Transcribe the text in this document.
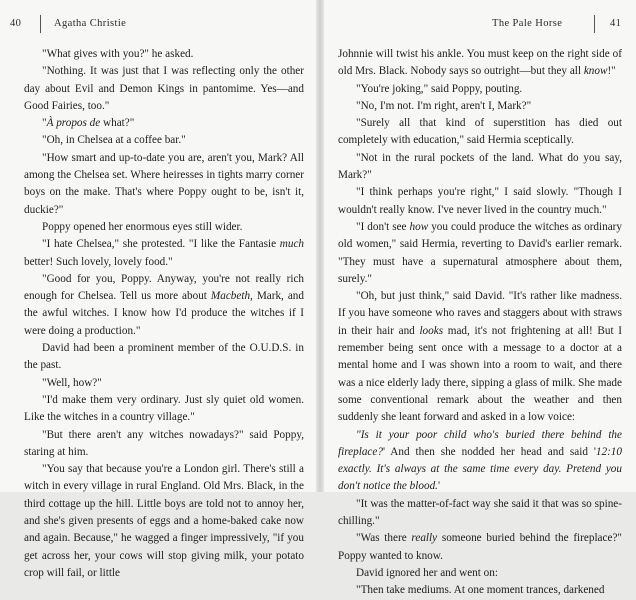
40	Agatha Christie

"What gives with you?" he asked.

"Nothing. It was just that I was reflecting only the other day about Evil and Demon Kings in pantomime. Yes—and Good Fairies, too."

"À propos de what?"

"Oh, in Chelsea at a coffee bar."

"How smart and up-to-date you are, aren't you, Mark? All among the Chelsea set. Where heiresses in tights marry corner boys on the make. That's where Poppy ought to be, isn't it, duckie?"

Poppy opened her enormous eyes still wider.

"I hate Chelsea," she protested. "I like the Fantasie much better! Such lovely, lovely food."

"Good for you, Poppy. Anyway, you're not really rich enough for Chelsea. Tell us more about Macbeth, Mark, and the awful witches. I know how I'd produce the witches if I were doing a production."

David had been a prominent member of the O.U.D.S. in the past.

"Well, how?"

"I'd make them very ordinary. Just sly quiet old women. Like the witches in a country village."

"But there aren't any witches nowadays?" said Poppy, staring at him.

"You say that because you're a London girl. There's still a witch in every village in rural England. Old Mrs. Black, in the third cottage up the hill. Little boys are told not to annoy her, and she's given presents of eggs and a home-baked cake now and again. Because," he wagged a finger impressively, "if you get across her, your cows will stop giving milk, your potato crop will fail, or little

The Pale Horse	41

Johnnie will twist his ankle. You must keep on the right side of old Mrs. Black. Nobody says so outright—but they all know!"

"You're joking," said Poppy, pouting.

"No, I'm not. I'm right, aren't I, Mark?"

"Surely all that kind of superstition has died out completely with education," said Hermia sceptically.

"Not in the rural pockets of the land. What do you say, Mark?"

"I think perhaps you're right," I said slowly. "Though I wouldn't really know. I've never lived in the country much."

"I don't see how you could produce the witches as ordinary old women," said Hermia, reverting to David's earlier remark. "They must have a supernatural atmosphere about them, surely."

"Oh, but just think," said David. "It's rather like madness. If you have someone who raves and staggers about with straws in their hair and looks mad, it's not frightening at all! But I remember being sent once with a message to a doctor at a mental home and I was shown into a room to wait, and there was a nice elderly lady there, sipping a glass of milk. She made some conventional remark about the weather and then suddenly she leant forward and asked in a low voice:

"Is it your poor child who's buried there behind the fireplace?' And then she nodded her head and said '12:10 exactly. It's always at the same time every day. Pretend you don't notice the blood.'

"It was the matter-of-fact way she said it that was so spine-chilling."

"Was there really someone buried behind the fireplace?" Poppy wanted to know.

David ignored her and went on:

"Then take mediums. At one moment trances, darkened
